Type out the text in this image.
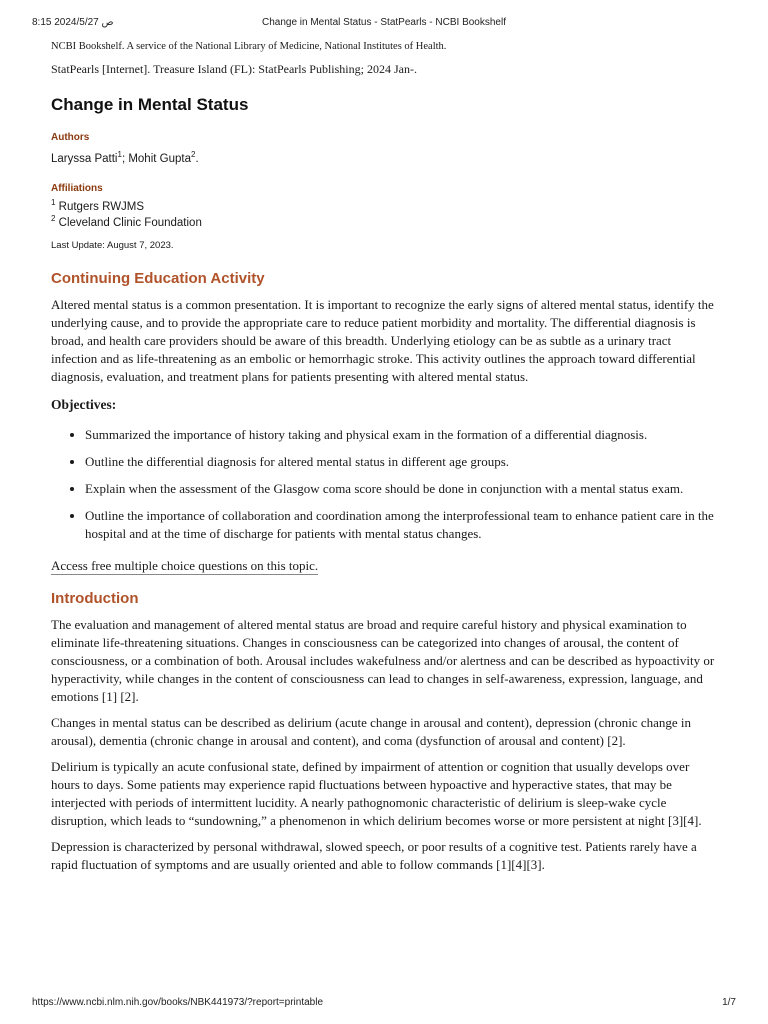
8:15 2024/5/27 ص	Change in Mental Status - StatPearls - NCBI Bookshelf

NCBI Bookshelf. A service of the National Library of Medicine, National Institutes of Health.

StatPearls [Internet]. Treasure Island (FL): StatPearls Publishing; 2024 Jan-.

Change in Mental Status
Authors
Laryssa Patti$^1$; Mohit Gupta$^2$.
Affiliations
$^1$ Rutgers RWJMS
$^2$ Cleveland Clinic Foundation
Last Update: August 7, 2023.
Continuing Education Activity

Altered mental status is a common presentation. It is important to recognize the early signs of altered mental status, identify the underlying cause, and to provide the appropriate care to reduce patient morbidity and mortality. The differential diagnosis is broad, and health care providers should be aware of this breadth. Underlying etiology can be as subtle as a urinary tract infection and as life-threatening as an embolic or hemorrhagic stroke. This activity outlines the approach toward differential diagnosis, evaluation, and treatment plans for patients presenting with altered mental status.

Objectives:
• Summarized the importance of history taking and physical exam in the formation of a differential diagnosis.
• Outline the differential diagnosis for altered mental status in different age groups.
• Explain when the assessment of the Glasgow coma score should be done in conjunction with a mental status exam.
• Outline the importance of collaboration and coordination among the interprofessional team to enhance patient care in the hospital and at the time of discharge for patients with mental status changes.
Access free multiple choice questions on this topic.
Introduction

The evaluation and management of altered mental status are broad and require careful history and physical examination to eliminate life-threatening situations. Changes in consciousness can be categorized into changes of arousal, the content of consciousness, or a combination of both. Arousal includes wakefulness and/or alertness and can be described as hypoactivity or hyperactivity, while changes in the content of consciousness can lead to changes in self-awareness, expression, language, and emotions [1] [2].

Changes in mental status can be described as delirium (acute change in arousal and content), depression (chronic change in arousal), dementia (chronic change in arousal and content), and coma (dysfunction of arousal and content) [2].

Delirium is typically an acute confusional state, defined by impairment of attention or cognition that usually develops over hours to days. Some patients may experience rapid fluctuations between hypoactive and hyperactive states, that may be interjected with periods of intermittent lucidity. A nearly pathognomonic characteristic of delirium is sleep-wake cycle disruption, which leads to “sundowning,” a phenomenon in which delirium becomes worse or more persistent at night [3][4].

Depression is characterized by personal withdrawal, slowed speech, or poor results of a cognitive test. Patients rarely have a rapid fluctuation of symptoms and are usually oriented and able to follow commands [1][4][3].

https://www.ncbi.nlm.nih.gov/books/NBK441973/?report=printable	1/7
